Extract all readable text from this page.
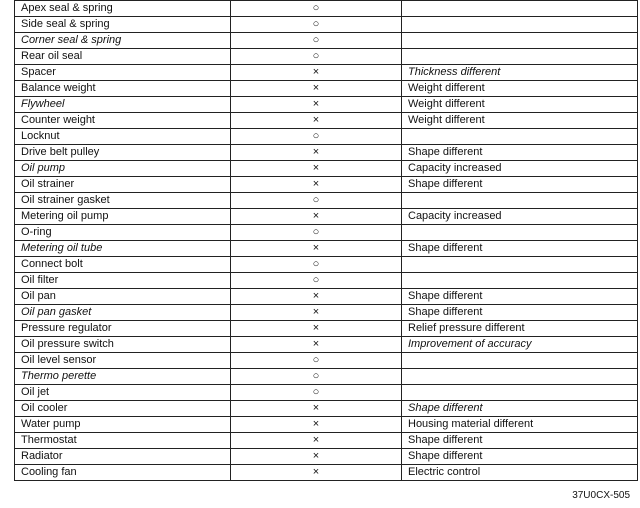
Apex seal & spring	○	
Side seal & spring	○	
Corner seal & spring	○	
Rear oil seal	○	
Spacer	×	Thickness different
Balance weight	×	Weight different
Flywheel	×	Weight different
Counter weight	×	Weight different
Locknut	○	
Drive belt pulley	×	Shape different
Oil pump	×	Capacity increased
Oil strainer	×	Shape different
Oil strainer gasket	○	
Metering oil pump	×	Capacity increased
O-ring	○	
Metering oil tube	×	Shape different
Connect bolt	○	
Oil filter	○	
Oil pan	×	Shape different
Oil pan gasket	×	Shape different
Pressure regulator	×	Relief pressure different
Oil pressure switch	×	Improvement of accuracy
Oil level sensor	○	
Thermo perette	○	
Oil jet	○	
Oil cooler	×	Shape different
Water pump	×	Housing material different
Thermostat	×	Shape different
Radiator	×	Shape different
Cooling fan	×	Electric control
37U0CX-505
